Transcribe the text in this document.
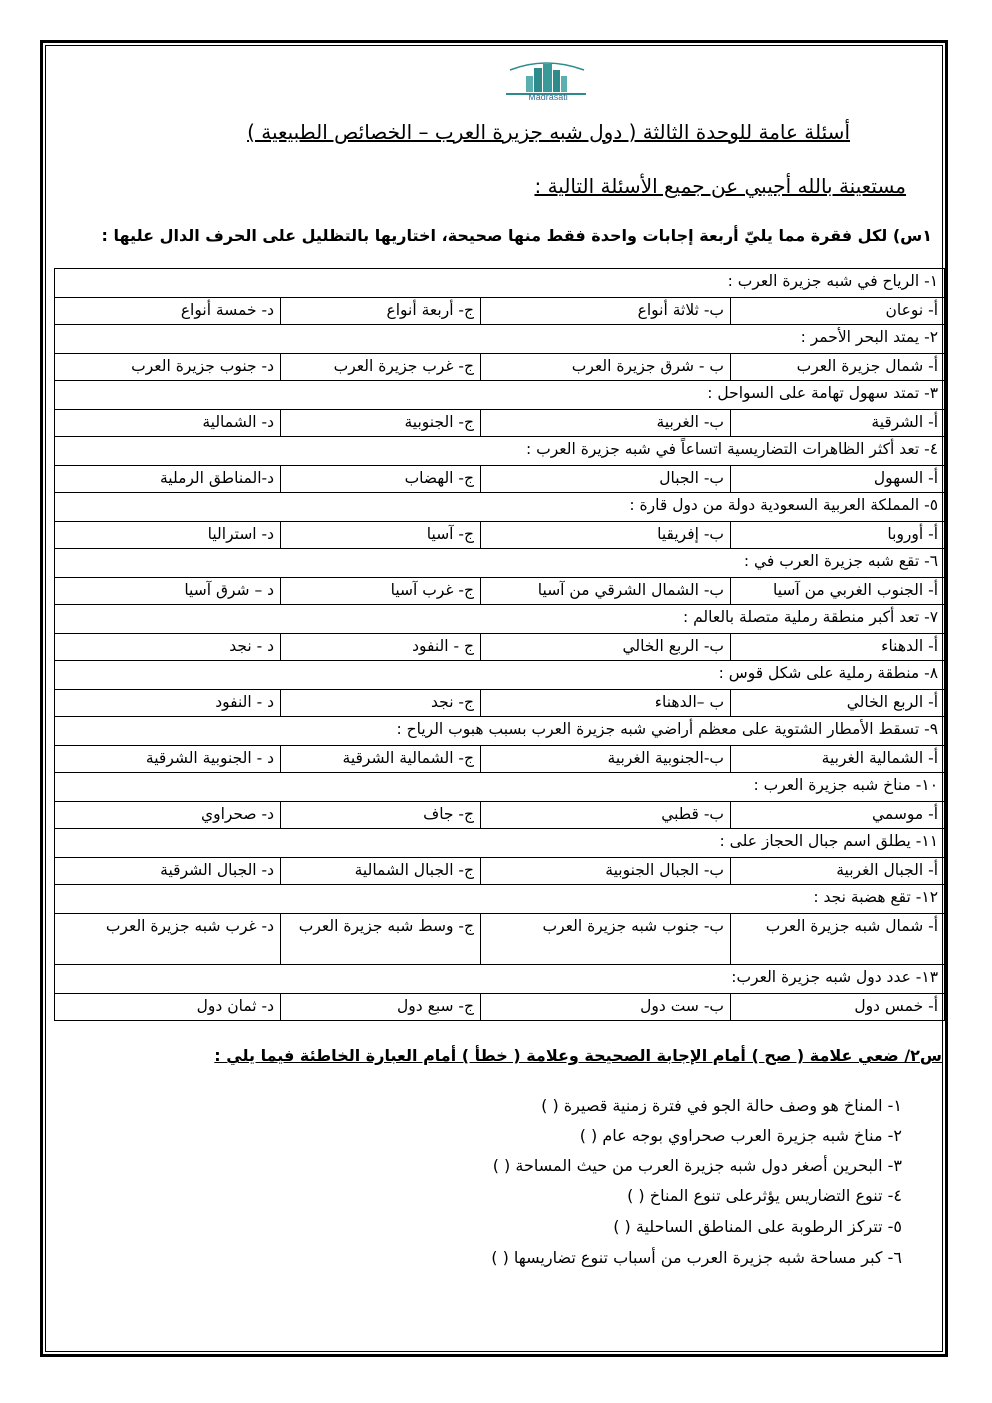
Madrasati
أسئلة عامة للوحدة الثالثة ( دول شبه جزيرة العرب – الخصائص الطبيعية )
مستعينة بالله أجيبي عن جميع الأسئلة التالية :
١س) لكل فقرة مما يليّ أربعة إجابات واحدة فقط منها صحيحة، اختاريها بالتظليل على الحرف الدال عليها :
١- الرياح في شبه جزيرة العرب :			
أ- نوعان	ب- ثلاثة أنواع	ج- أربعة أنواع	د- خمسة أنواع
٢- يمتد البحر الأحمر :			
أ- شمال جزيرة العرب	ب - شرق جزيرة العرب	ج- غرب جزيرة العرب	د- جنوب جزيرة العرب
٣- تمتد سهول تهامة على السواحل :			
أ- الشرقية	ب- الغربية	ج- الجنوبية	د- الشمالية
٤- تعد أكثر الظاهرات التضاريسية اتساعاً في شبه جزيرة العرب :			
أ- السهول	ب- الجبال	ج- الهضاب	د-المناطق الرملية
٥- المملكة العربية السعودية دولة من دول قارة :			
أ- أوروبا	ب- إفريقيا	ج- آسيا	د- استراليا
٦- تقع شبه جزيرة العرب في :			
أ- الجنوب الغربي من آسيا	ب- الشمال الشرقي من آسيا	ج- غرب آسيا	د – شرق آسيا
٧- تعد أكبر منطقة رملية متصلة بالعالم :			
أ- الدهناء	ب- الربع الخالي	ج - النفود	د - نجد
٨- منطقة رملية على شكل قوس :			
أ- الربع الخالي	ب –الدهناء	ج- نجد	د - النفود
٩- تسقط الأمطار الشتوية على معظم أراضي شبه جزيرة العرب بسبب هبوب الرياح :			
أ- الشمالية الغربية	ب-الجنوبية الغربية	ج- الشمالية الشرقية	د - الجنوبية الشرقية
١٠- مناخ شبه جزيرة العرب :			
أ- موسمي	ب- قطبي	ج- جاف	د- صحراوي
١١- يطلق اسم جبال الحجاز على :			
أ- الجبال الغربية	ب- الجبال الجنوبية	ج- الجبال الشمالية	د- الجبال الشرقية
١٢- تقع هضبة نجد :			
أ- شمال شبه جزيرة العرب	ب- جنوب شبه جزيرة العرب	ج- وسط شبه جزيرة العرب	د- غرب شبه جزيرة العرب
١٣- عدد دول شبه جزيرة العرب:			
أ- خمس دول	ب- ست دول	ج- سبع دول	د- ثمان دول
س٢/ ضعي علامة ( صح ) أمام الإجابة الصحيحة وعلامة ( خطأ ) أمام العبارة الخاطئة فيما يلي :
١- المناخ هو وصف حالة الجو في فترة زمنية قصيرة ( )
٢- مناخ شبه جزيرة العرب صحراوي بوجه عام ( )
٣- البحرين أصغر دول شبه جزيرة العرب من حيث المساحة ( )
٤- تنوع التضاريس يؤثرعلى تنوع المناخ ( )
٥- تتركز الرطوبة على المناطق الساحلية ( )
٦- كبر مساحة شبه جزيرة العرب من أسباب تنوع تضاريسها ( )
